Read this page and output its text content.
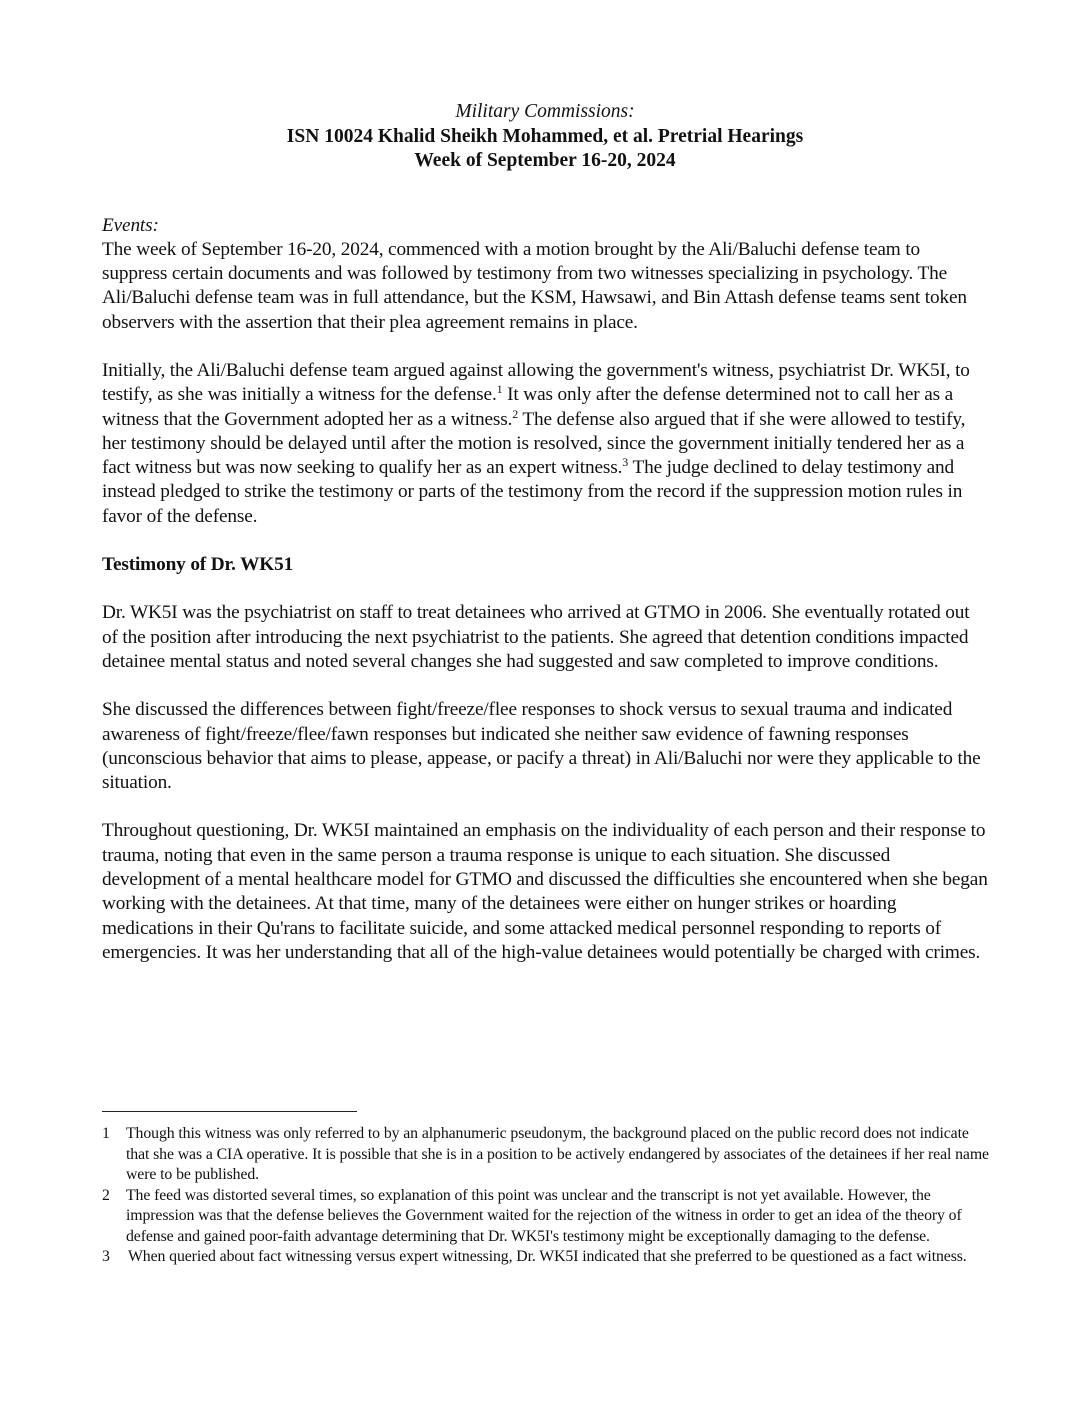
Military Commissions:
ISN 10024 Khalid Sheikh Mohammed, et al. Pretrial Hearings
Week of September 16-20, 2024
Events:

The week of September 16-20, 2024, commenced with a motion brought by the Ali/Baluchi defense team to suppress certain documents and was followed by testimony from two witnesses specializing in psychology. The Ali/Baluchi defense team was in full attendance, but the KSM, Hawsawi, and Bin Attash defense teams sent token observers with the assertion that their plea agreement remains in place.

Initially, the Ali/Baluchi defense team argued against allowing the government's witness, psychiatrist Dr. WK5I, to testify, as she was initially a witness for the defense.$^1$ It was only after the defense determined not to call her as a witness that the Government adopted her as a witness.$^2$ The defense also argued that if she were allowed to testify, her testimony should be delayed until after the motion is resolved, since the government initially tendered her as a fact witness but was now seeking to qualify her as an expert witness.$^3$ The judge declined to delay testimony and instead pledged to strike the testimony or parts of the testimony from the record if the suppression motion rules in favor of the defense.

Testimony of Dr. WK51

Dr. WK5I was the psychiatrist on staff to treat detainees who arrived at GTMO in 2006. She eventually rotated out of the position after introducing the next psychiatrist to the patients. She agreed that detention conditions impacted detainee mental status and noted several changes she had suggested and saw completed to improve conditions.

She discussed the differences between fight/freeze/flee responses to shock versus to sexual trauma and indicated awareness of fight/freeze/flee/fawn responses but indicated she neither saw evidence of fawning responses (unconscious behavior that aims to please, appease, or pacify a threat) in Ali/Baluchi nor were they applicable to the situation.

Throughout questioning, Dr. WK5I maintained an emphasis on the individuality of each person and their response to trauma, noting that even in the same person a trauma response is unique to each situation. She discussed development of a mental healthcare model for GTMO and discussed the difficulties she encountered when she began working with the detainees. At that time, many of the detainees were either on hunger strikes or hoarding medications in their Qu'rans to facilitate suicide, and some attacked medical personnel responding to reports of emergencies. It was her understanding that all of the high-value detainees would potentially be charged with crimes.

1	Though this witness was only referred to by an alphanumeric pseudonym, the background placed on the public record does not indicate that she was a CIA operative. It is possible that she is in a position to be actively endangered by associates of the detainees if her real name were to be published.
2	The feed was distorted several times, so explanation of this point was unclear and the transcript is not yet available. However, the impression was that the defense believes the Government waited for the rejection of the witness in order to get an idea of the theory of defense and gained poor-faith advantage determining that Dr. WK5I's testimony might be exceptionally damaging to the defense.
3	When queried about fact witnessing versus expert witnessing, Dr. WK5I indicated that she preferred to be questioned as a fact witness.
